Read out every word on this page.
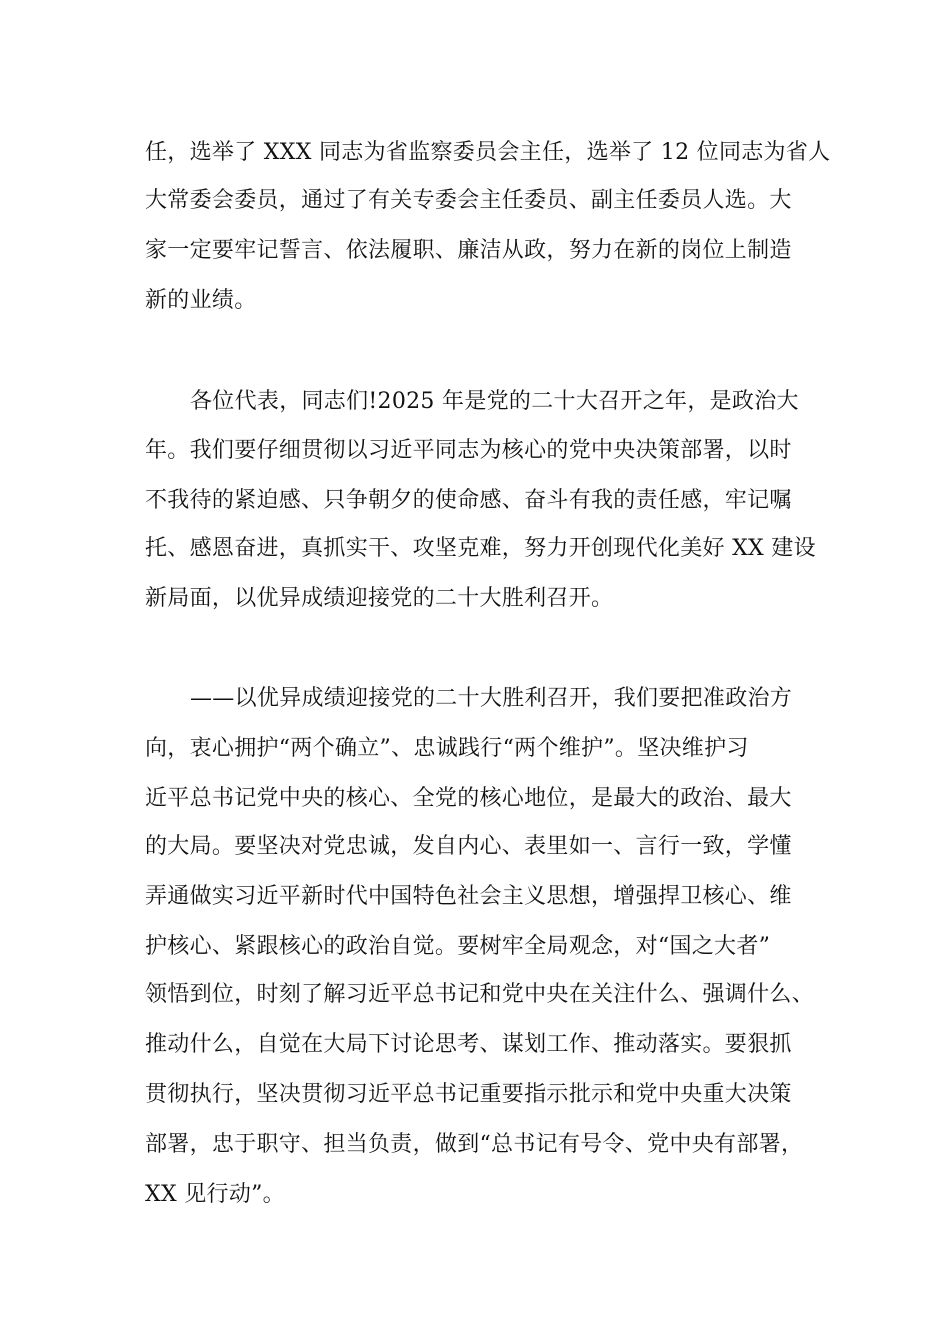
任，选举了 XXX 同志为省监察委员会主任，选举了 12 位同志为省人
大常委会委员，通过了有关专委会主任委员、副主任委员人选。大
家一定要牢记誓言、依法履职、廉洁从政，努力在新的岗位上制造
新的业绩。
各位代表，同志们!2025 年是党的二十大召开之年，是政治大
年。我们要仔细贯彻以习近平同志为核心的党中央决策部署，以时
不我待的紧迫感、只争朝夕的使命感、奋斗有我的责任感，牢记嘱
托、感恩奋进，真抓实干、攻坚克难，努力开创现代化美好 XX 建设
新局面，以优异成绩迎接党的二十大胜利召开。
——以优异成绩迎接党的二十大胜利召开，我们要把准政治方
向，衷心拥护“两个确立”、忠诚践行“两个维护”。坚决维护习
近平总书记党中央的核心、全党的核心地位，是最大的政治、最大
的大局。要坚决对党忠诚，发自内心、表里如一、言行一致，学懂
弄通做实习近平新时代中国特色社会主义思想，增强捍卫核心、维
护核心、紧跟核心的政治自觉。要树牢全局观念，对“国之大者”
领悟到位，时刻了解习近平总书记和党中央在关注什么、强调什么、
推动什么，自觉在大局下讨论思考、谋划工作、推动落实。要狠抓
贯彻执行，坚决贯彻习近平总书记重要指示批示和党中央重大决策
部署，忠于职守、担当负责，做到“总书记有号令、党中央有部署，
XX 见行动”。
